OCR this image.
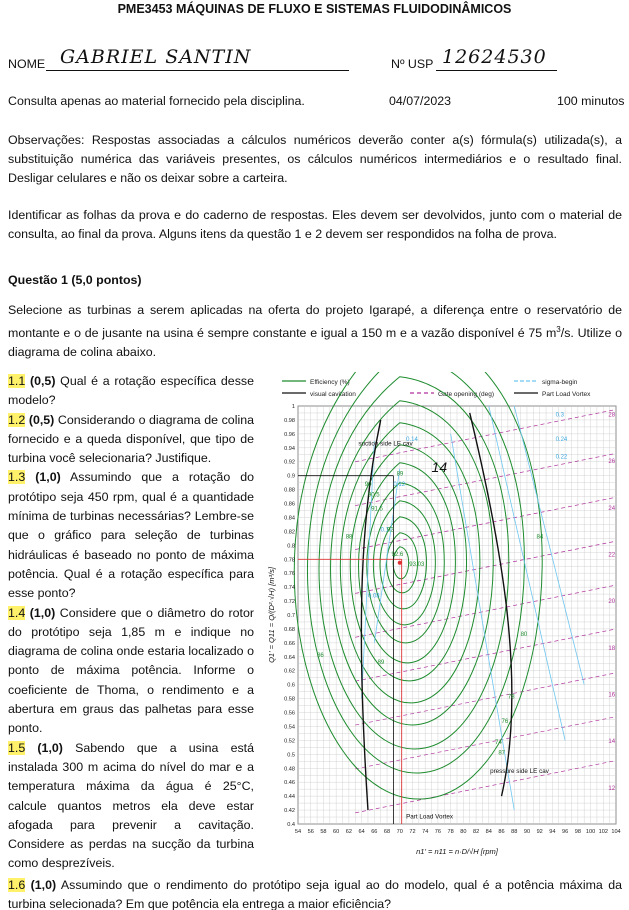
PME3453 MÁQUINAS DE FLUXO E SISTEMAS FLUIDODINÂMICOS
NOME GABRIEL SANTIN	Nº USP 12624530
Consulta apenas ao material fornecido pela disciplina.	04/07/2023	100 minutos
Observações: Respostas associadas a cálculos numéricos deverão conter a(s) fórmula(s) utilizada(s), a substituição numérica das variáveis presentes, os cálculos numéricos intermediários e o resultado final. Desligar celulares e não os deixar sobre a carteira.
Identificar as folhas da prova e do caderno de respostas. Eles devem ser devolvidos, junto com o material de consulta, ao final da prova. Alguns itens da questão 1 e 2 devem ser respondidos na folha de prova.
Questão 1 (5,0 pontos)
Selecione as turbinas a serem aplicadas na oferta do projeto Igarapé, a diferença entre o reservatório de montante e o de jusante na usina é sempre constante e igual a 150 m e a vazão disponível é 75 $m^3/s$. Utilize o diagrama de colina abaixo.
1.1 (0,5) Qual é a rotação específica desse modelo?
1.2 (0,5) Considerando o diagrama de colina fornecido e a queda disponível, que tipo de turbina você selecionaria? Justifique.
1.3 (1,0) Assumindo que a rotação do protótipo seja 450 rpm, qual é a quantidade mínima de turbinas necessárias? Lembre-se que o gráfico para seleção de turbinas hidráulicas é baseado no ponto de máxima potência. Qual é a rotação específica para esse ponto?
1.4 (1,0) Considere que o diâmetro do rotor do protótipo seja 1,85 m e indique no diagrama de colina onde estaria localizado o ponto de máxima potência. Informe o coeficiente de Thoma, o rendimento e a abertura em graus das palhetas para esse ponto.
1.5 (1,0) Sabendo que a usina está instalada 300 m acima do nível do mar e a temperatura máxima da água é 25°C, calcule quantos metros ela deve estar afogada para prevenir a cavitação. Considere as perdas na sucção da turbina como desprezíveis.
1.6 (1,0) Assumindo que o rendimento do protótipo seja igual ao do modelo, qual é a potência máxima da turbina selecionada? Em que potência ela entrega a maior eficiência?
Efficiency (%)	sigma-begin
visual cavitation	Gate opening (deg)	Part Load Vortex
54 56 58 60 62 64 66 68 70 72 74 76 78 80 82 84 86 88 90 92 94 96 98 100 102 104
0.4
0.42
0.44
0.46
0.48
0.5
0.52
0.54
0.56
0.58
0.6
0.62
0.64
0.66
0.68
0.7
0.72
0.74
0.76
0.78
0.8
0.82
0.84
0.86
0.88
0.9
0.92
0.94
0.96
0.98
1
n1' = n11 = n·D/√H [rpm]
Q1' = Q11 = Q/(D²·√H) [m³/s]
28
26
24
22
20
18
16
14
12
0.3
0.24
0.22
0.14
0.12
0.1
0.08
89
90
90.5
91.5
92
92.6
93.03
88
86
89
87
84
80
78
76
74
suction side LE cav
pressure side LE cav
Part Load Vortex
14
